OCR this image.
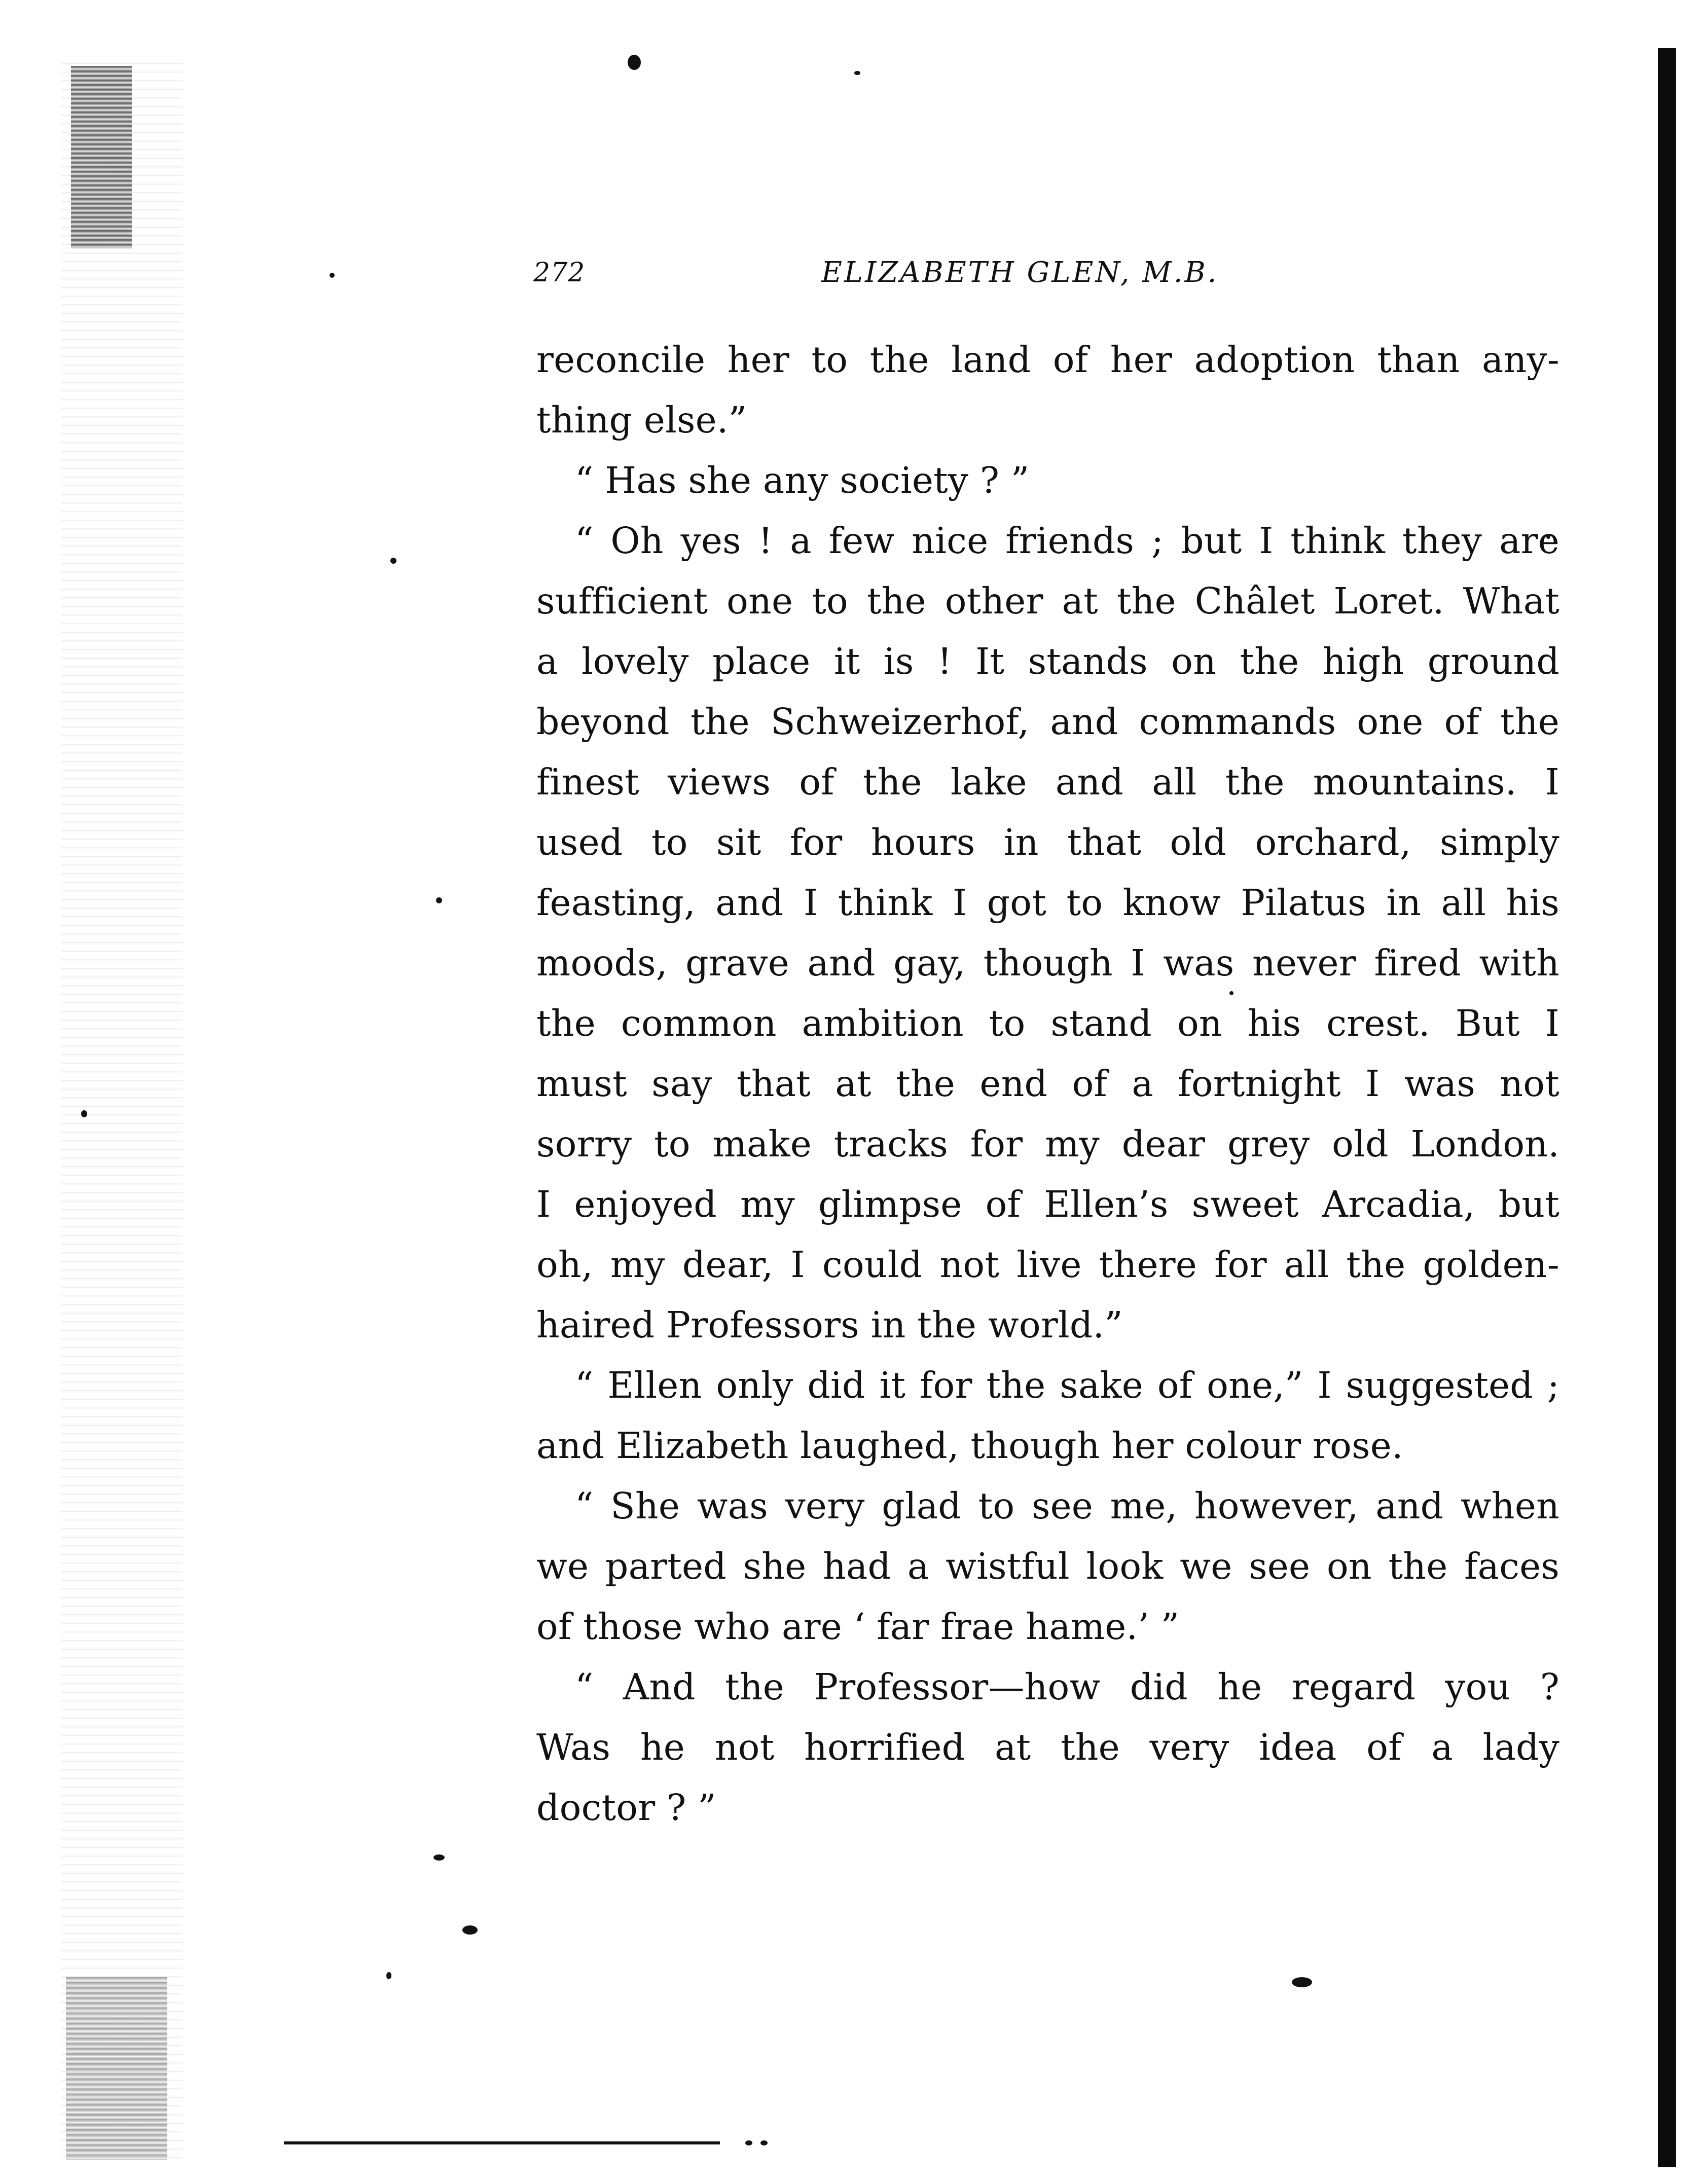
272	ELIZABETH GLEN, M.B.
reconcile her to the land of her adoption than any-
thing else.”
“ Has she any society ? ”
“ Oh yes ! a few nice friends ; but I think they are
sufficient one to the other at the Châlet Loret. What
a lovely place it is ! It stands on the high ground
beyond the Schweizerhof, and commands one of the
finest views of the lake and all the mountains. I
used to sit for hours in that old orchard, simply
feasting, and I think I got to know Pilatus in all his
moods, grave and gay, though I was never fired with
the common ambition to stand on his crest. But I
must say that at the end of a fortnight I was not
sorry to make tracks for my dear grey old London.
I enjoyed my glimpse of Ellen’s sweet Arcadia, but
oh, my dear, I could not live there for all the golden-
haired Professors in the world.”
“ Ellen only did it for the sake of one,” I suggested ;
and Elizabeth laughed, though her colour rose.
“ She was very glad to see me, however, and when
we parted she had a wistful look we see on the faces
of those who are ‘ far frae hame.’ ”
“ And the Professor—how did he regard you ?
Was he not horrified at the very idea of a lady
doctor ? ”
